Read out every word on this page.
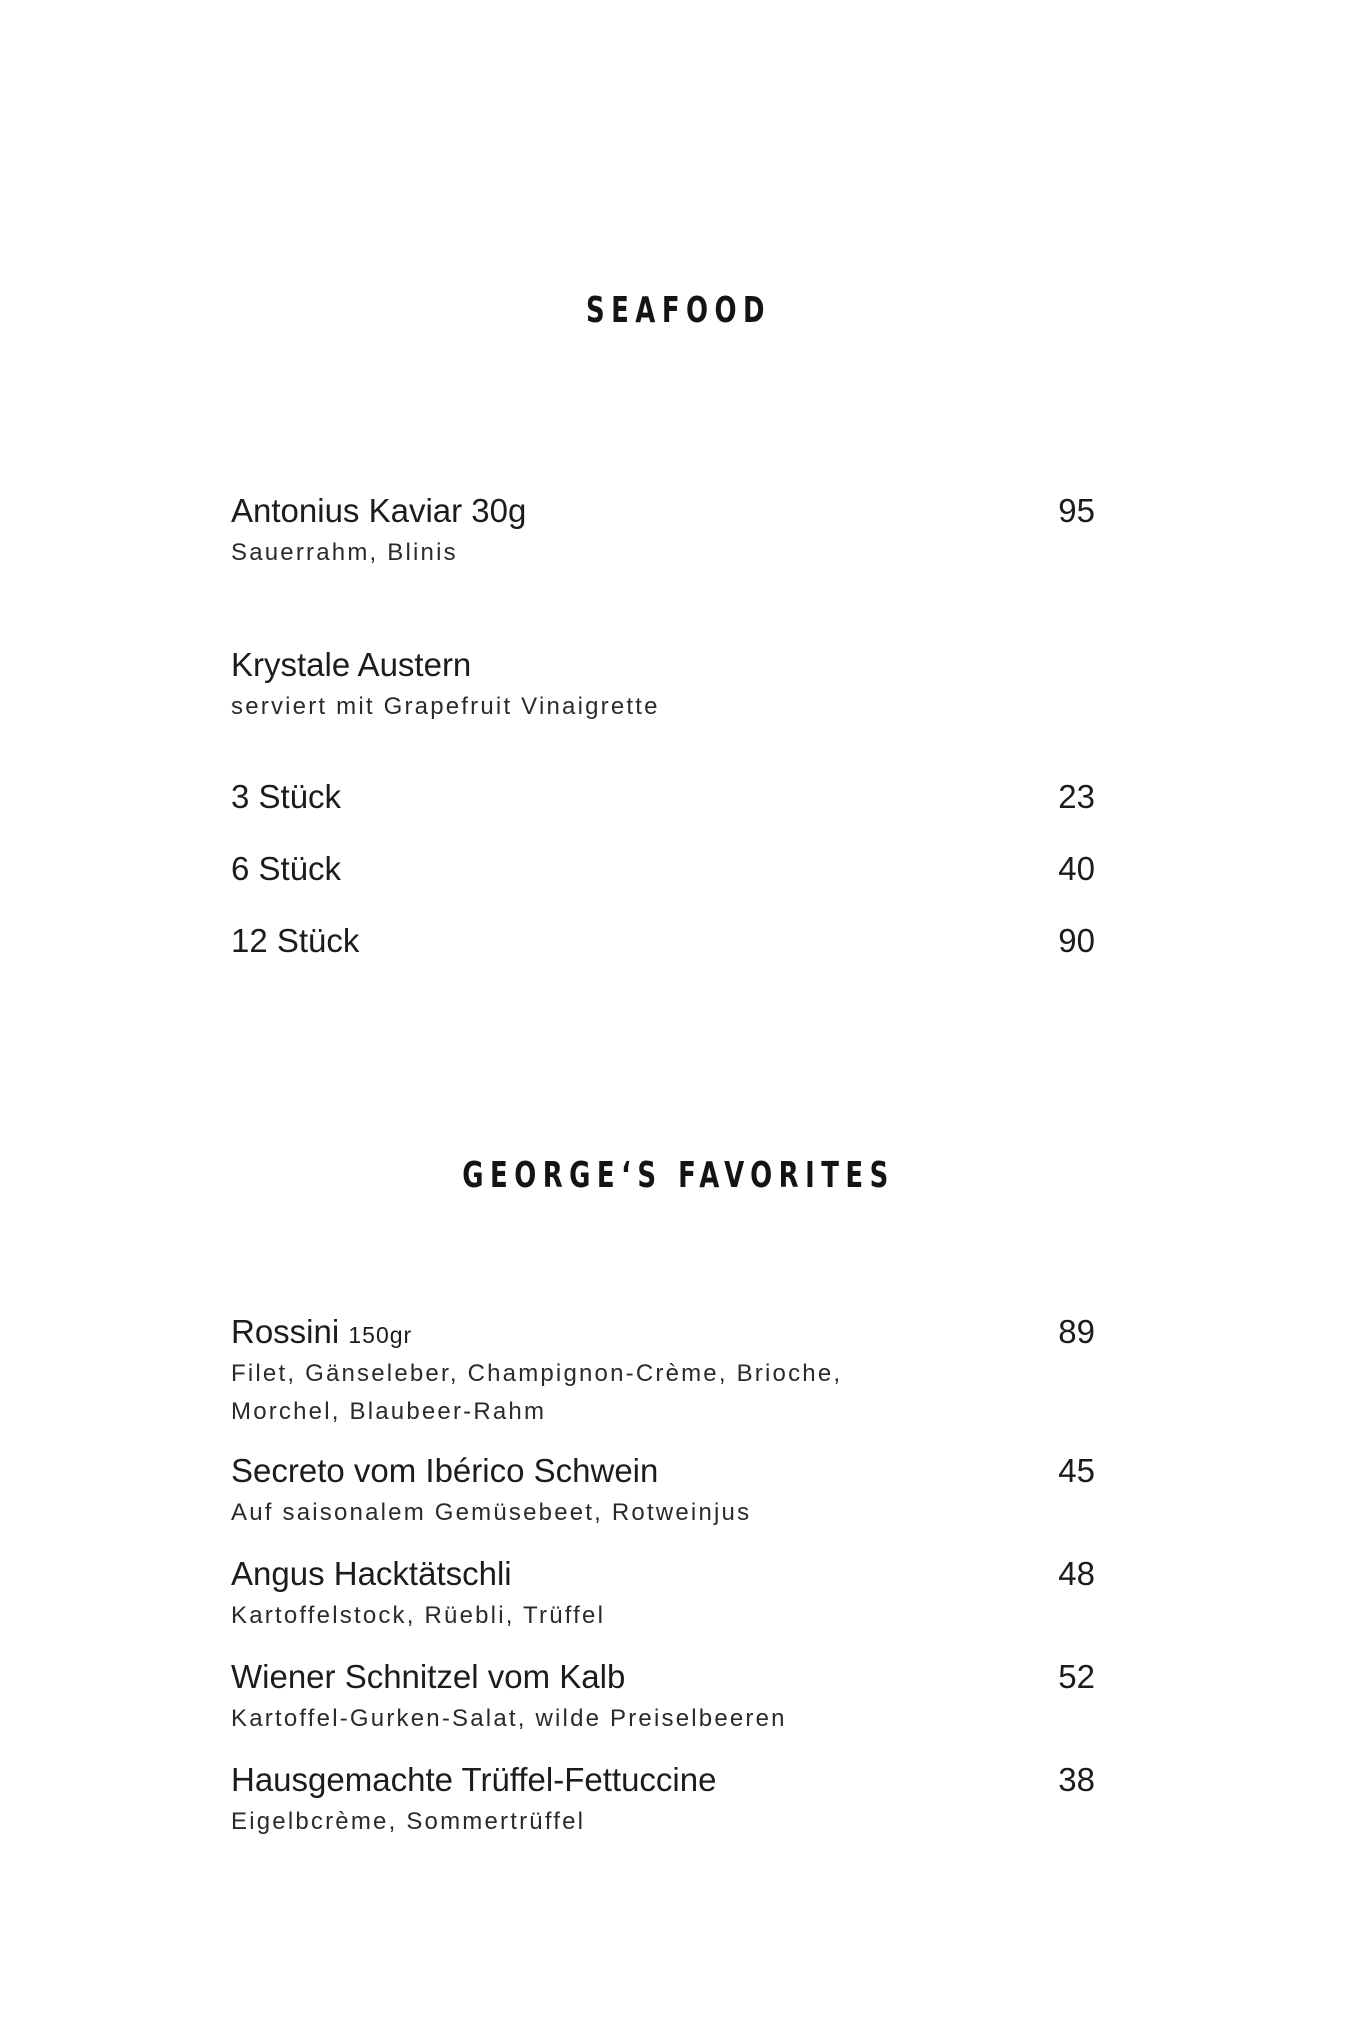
SEAFOOD
Antonius Kaviar 30g	95
Sauerrahm, Blinis
Krystale Austern
serviert mit Grapefruit Vinaigrette
3 Stück	23
6 Stück	40
12 Stück	90
GEORGE‘S FAVORITES
Rossini 150gr	89
Filet, Gänseleber, Champignon-Crème, Brioche,
Morchel, Blaubeer-Rahm
Secreto vom Ibérico Schwein	45
Auf saisonalem Gemüsebeet, Rotweinjus
Angus Hacktätschli	48
Kartoffelstock, Rüebli, Trüffel
Wiener Schnitzel vom Kalb	52
Kartoffel-Gurken-Salat, wilde Preiselbeeren
Hausgemachte Trüffel-Fettuccine	38
Eigelbcrème, Sommertrüffel
